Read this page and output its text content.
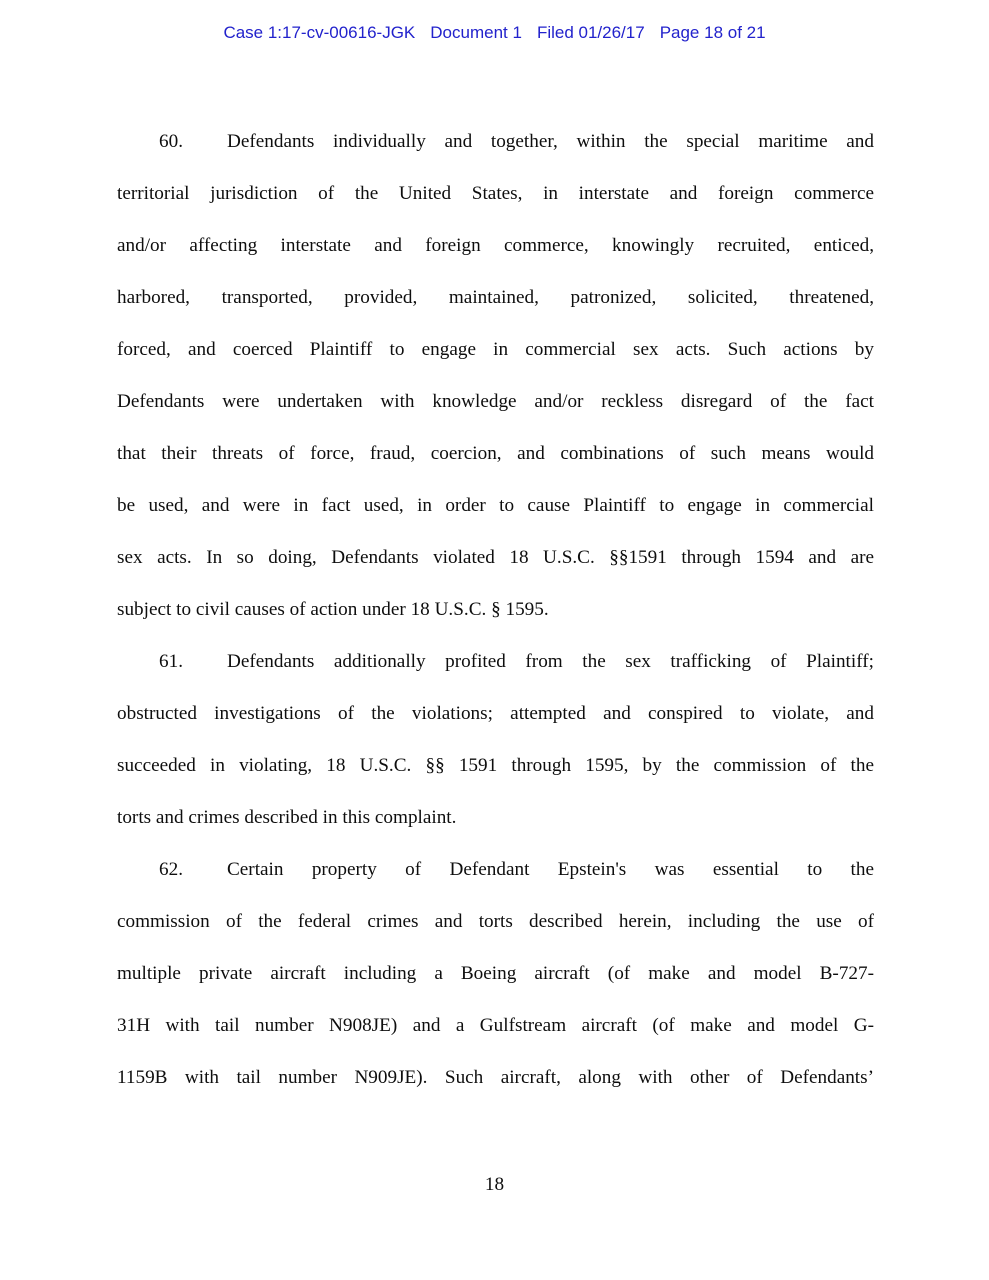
Case 1:17-cv-00616-JGK Document 1 Filed 01/26/17 Page 18 of 21
60. Defendants individually and together, within the special maritime and
territorial jurisdiction of the United States, in interstate and foreign commerce
and/or affecting interstate and foreign commerce, knowingly recruited, enticed,
harbored, transported, provided, maintained, patronized, solicited, threatened,
forced, and coerced Plaintiff to engage in commercial sex acts. Such actions by
Defendants were undertaken with knowledge and/or reckless disregard of the fact
that their threats of force, fraud, coercion, and combinations of such means would
be used, and were in fact used, in order to cause Plaintiff to engage in commercial
sex acts. In so doing, Defendants violated 18 U.S.C. §§1591 through 1594 and are
subject to civil causes of action under 18 U.S.C. § 1595.
61. Defendants additionally profited from the sex trafficking of Plaintiff;
obstructed investigations of the violations; attempted and conspired to violate, and
succeeded in violating, 18 U.S.C. §§ 1591 through 1595, by the commission of the
torts and crimes described in this complaint.
62. Certain property of Defendant Epstein's was essential to the
commission of the federal crimes and torts described herein, including the use of
multiple private aircraft including a Boeing aircraft (of make and model B-727-
31H with tail number N908JE) and a Gulfstream aircraft (of make and model G-
1159B with tail number N909JE). Such aircraft, along with other of Defendants’
18
